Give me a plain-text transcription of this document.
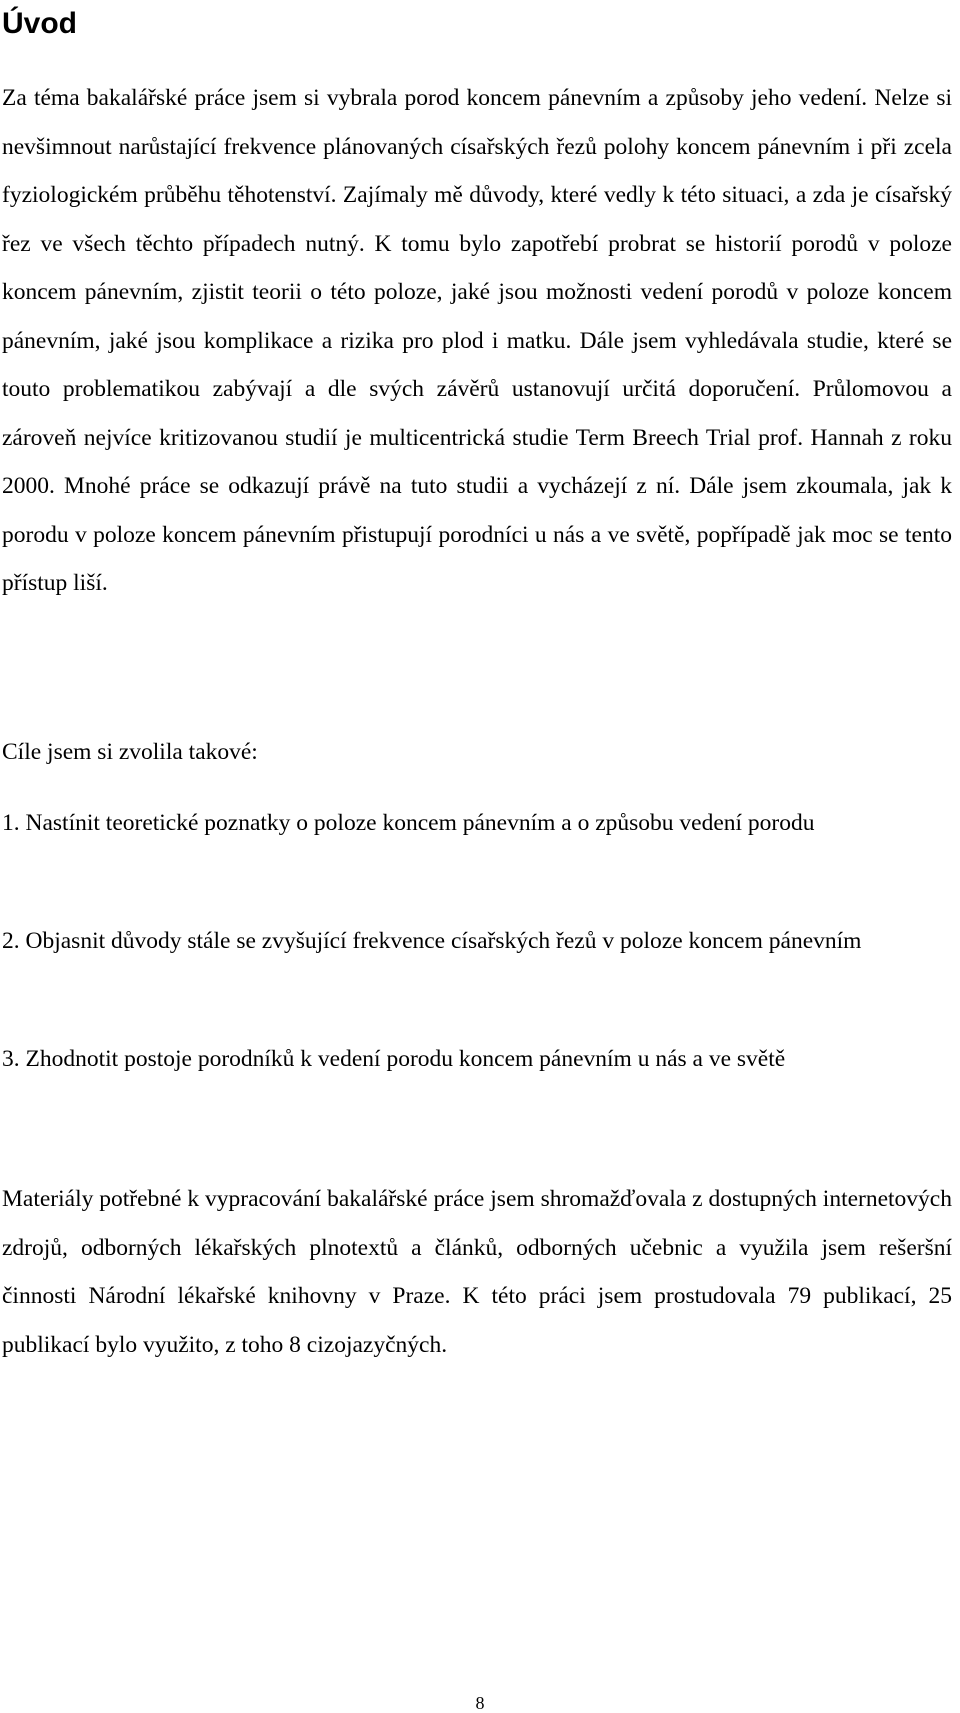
Úvod

Za téma bakalářské práce jsem si vybrala porod koncem pánevním a způsoby jeho vedení. Nelze si nevšimnout narůstající frekvence plánovaných císařských řezů polohy koncem pánevním i při zcela fyziologickém průběhu těhotenství. Zajímaly mě důvody, které vedly k této situaci, a zda je císařský řez ve všech těchto případech nutný. K tomu bylo zapotřebí probrat se historií porodů v poloze koncem pánevním, zjistit teorii o této poloze, jaké jsou možnosti vedení porodů v poloze koncem pánevním, jaké jsou komplikace a rizika pro plod i matku. Dále jsem vyhledávala studie, které se touto problematikou zabývají a dle svých závěrů ustanovují určitá doporučení. Průlomovou a zároveň nejvíce kritizovanou studií je multicentrická studie Term Breech Trial prof. Hannah z roku 2000. Mnohé práce se odkazují právě na tuto studii a vycházejí z ní. Dále jsem zkoumala, jak k porodu v poloze koncem pánevním přistupují porodníci u nás a ve světě, popřípadě jak moc se tento přístup liší.

Cíle jsem si zvolila takové:

1. Nastínit teoretické poznatky o poloze koncem pánevním a o způsobu vedení porodu

2. Objasnit důvody stále se zvyšující frekvence císařských řezů v poloze koncem pánevním

3. Zhodnotit postoje porodníků k vedení porodu koncem pánevním u nás a ve světě

Materiály potřebné k vypracování bakalářské práce jsem shromažďovala z dostupných internetových zdrojů, odborných lékařských plnotextů a článků, odborných učebnic a využila jsem rešeršní činnosti Národní lékařské knihovny v Praze. K této práci jsem prostudovala 79 publikací, 25 publikací bylo využito, z toho 8 cizojazyčných.

8
